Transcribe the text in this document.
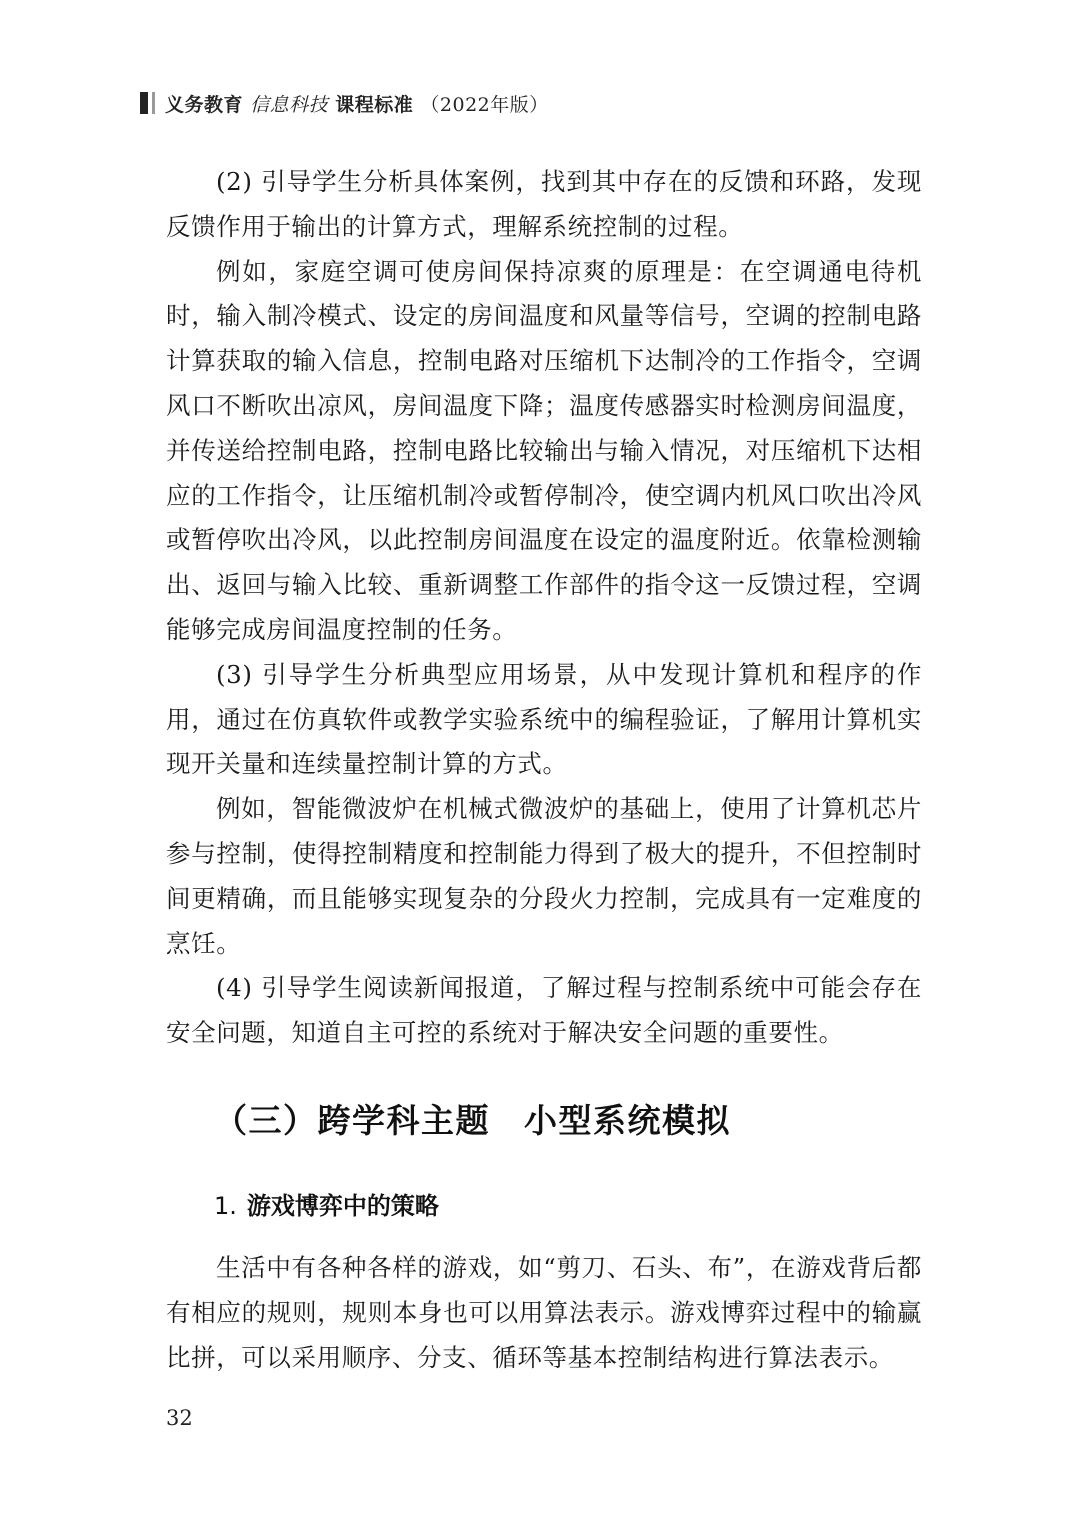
义务教育 信息科技 课程标准 （2022年版）

(2) 引导学生分析具体案例，找到其中存在的反馈和环路，发现反馈作用于输出的计算方式，理解系统控制的过程。

例如，家庭空调可使房间保持凉爽的原理是：在空调通电待机时，输入制冷模式、设定的房间温度和风量等信号，空调的控制电路计算获取的输入信息，控制电路对压缩机下达制冷的工作指令，空调风口不断吹出凉风，房间温度下降；温度传感器实时检测房间温度，并传送给控制电路，控制电路比较输出与输入情况，对压缩机下达相应的工作指令，让压缩机制冷或暂停制冷，使空调内机风口吹出冷风或暂停吹出冷风，以此控制房间温度在设定的温度附近。依靠检测输出、返回与输入比较、重新调整工作部件的指令这一反馈过程，空调能够完成房间温度控制的任务。

(3) 引导学生分析典型应用场景，从中发现计算机和程序的作用，通过在仿真软件或教学实验系统中的编程验证，了解用计算机实现开关量和连续量控制计算的方式。

例如，智能微波炉在机械式微波炉的基础上，使用了计算机芯片参与控制，使得控制精度和控制能力得到了极大的提升，不但控制时间更精确，而且能够实现复杂的分段火力控制，完成具有一定难度的烹饪。

(4) 引导学生阅读新闻报道，了解过程与控制系统中可能会存在安全问题，知道自主可控的系统对于解决安全问题的重要性。

（三）跨学科主题 小型系统模拟
1. 游戏博弈中的策略

生活中有各种各样的游戏，如“剪刀、石头、布”，在游戏背后都有相应的规则，规则本身也可以用算法表示。游戏博弈过程中的输赢比拼，可以采用顺序、分支、循环等基本控制结构进行算法表示。

32
